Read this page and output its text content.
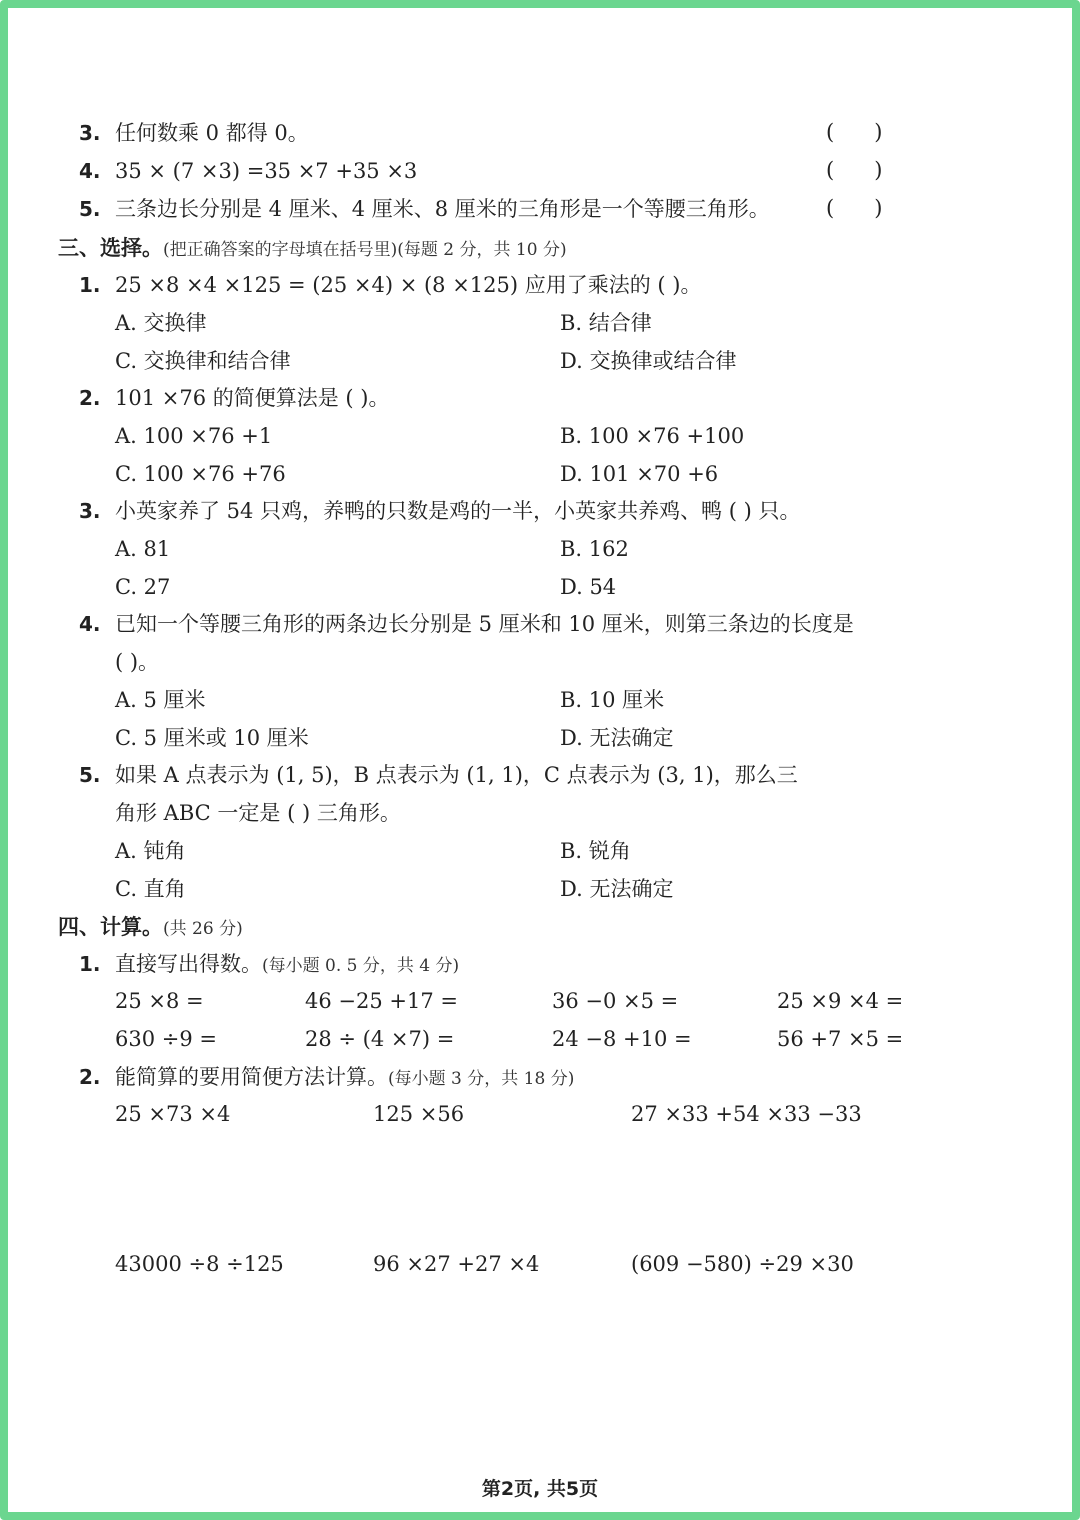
3. 任何数乘 0 都得 0。	(      )
4. 35 × (7 ×3) =35 ×7 +35 ×3	(      )
5. 三条边长分别是 4 厘米、4 厘米、8 厘米的三角形是一个等腰三角形。	(      )
三、选择。(把正确答案的字母填在括号里)(每题 2 分，共 10 分)
1. 25 ×8 ×4 ×125 = (25 ×4) × (8 ×125) 应用了乘法的 ( )。
A. 交换律	B. 结合律
C. 交换律和结合律	D. 交换律或结合律
2. 101 ×76 的简便算法是 ( )。
A. 100 ×76 +1	B. 100 ×76 +100
C. 100 ×76 +76	D. 101 ×70 +6
3. 小英家养了 54 只鸡，养鸭的只数是鸡的一半，小英家共养鸡、鸭 ( ) 只。
A. 81	B. 162
C. 27	D. 54
4. 已知一个等腰三角形的两条边长分别是 5 厘米和 10 厘米，则第三条边的长度是
( )。
A. 5 厘米	B. 10 厘米
C. 5 厘米或 10 厘米	D. 无法确定
5. 如果 A 点表示为 (1, 5)，B 点表示为 (1, 1)，C 点表示为 (3, 1)，那么三
角形 ABC 一定是 ( ) 三角形。
A. 钝角	B. 锐角
C. 直角	D. 无法确定
四、计算。(共 26 分)
1. 直接写出得数。(每小题 0. 5 分，共 4 分)
25 ×8 =	46 −25 +17 =	36 −0 ×5 =	25 ×9 ×4 =
630 ÷9 =	28 ÷ (4 ×7) =	24 −8 +10 =	56 +7 ×5 =
2. 能简算的要用简便方法计算。(每小题 3 分，共 18 分)
25 ×73 ×4	125 ×56	27 ×33 +54 ×33 −33
43000 ÷8 ÷125	96 ×27 +27 ×4	(609 −580) ÷29 ×30
第2页, 共5页
